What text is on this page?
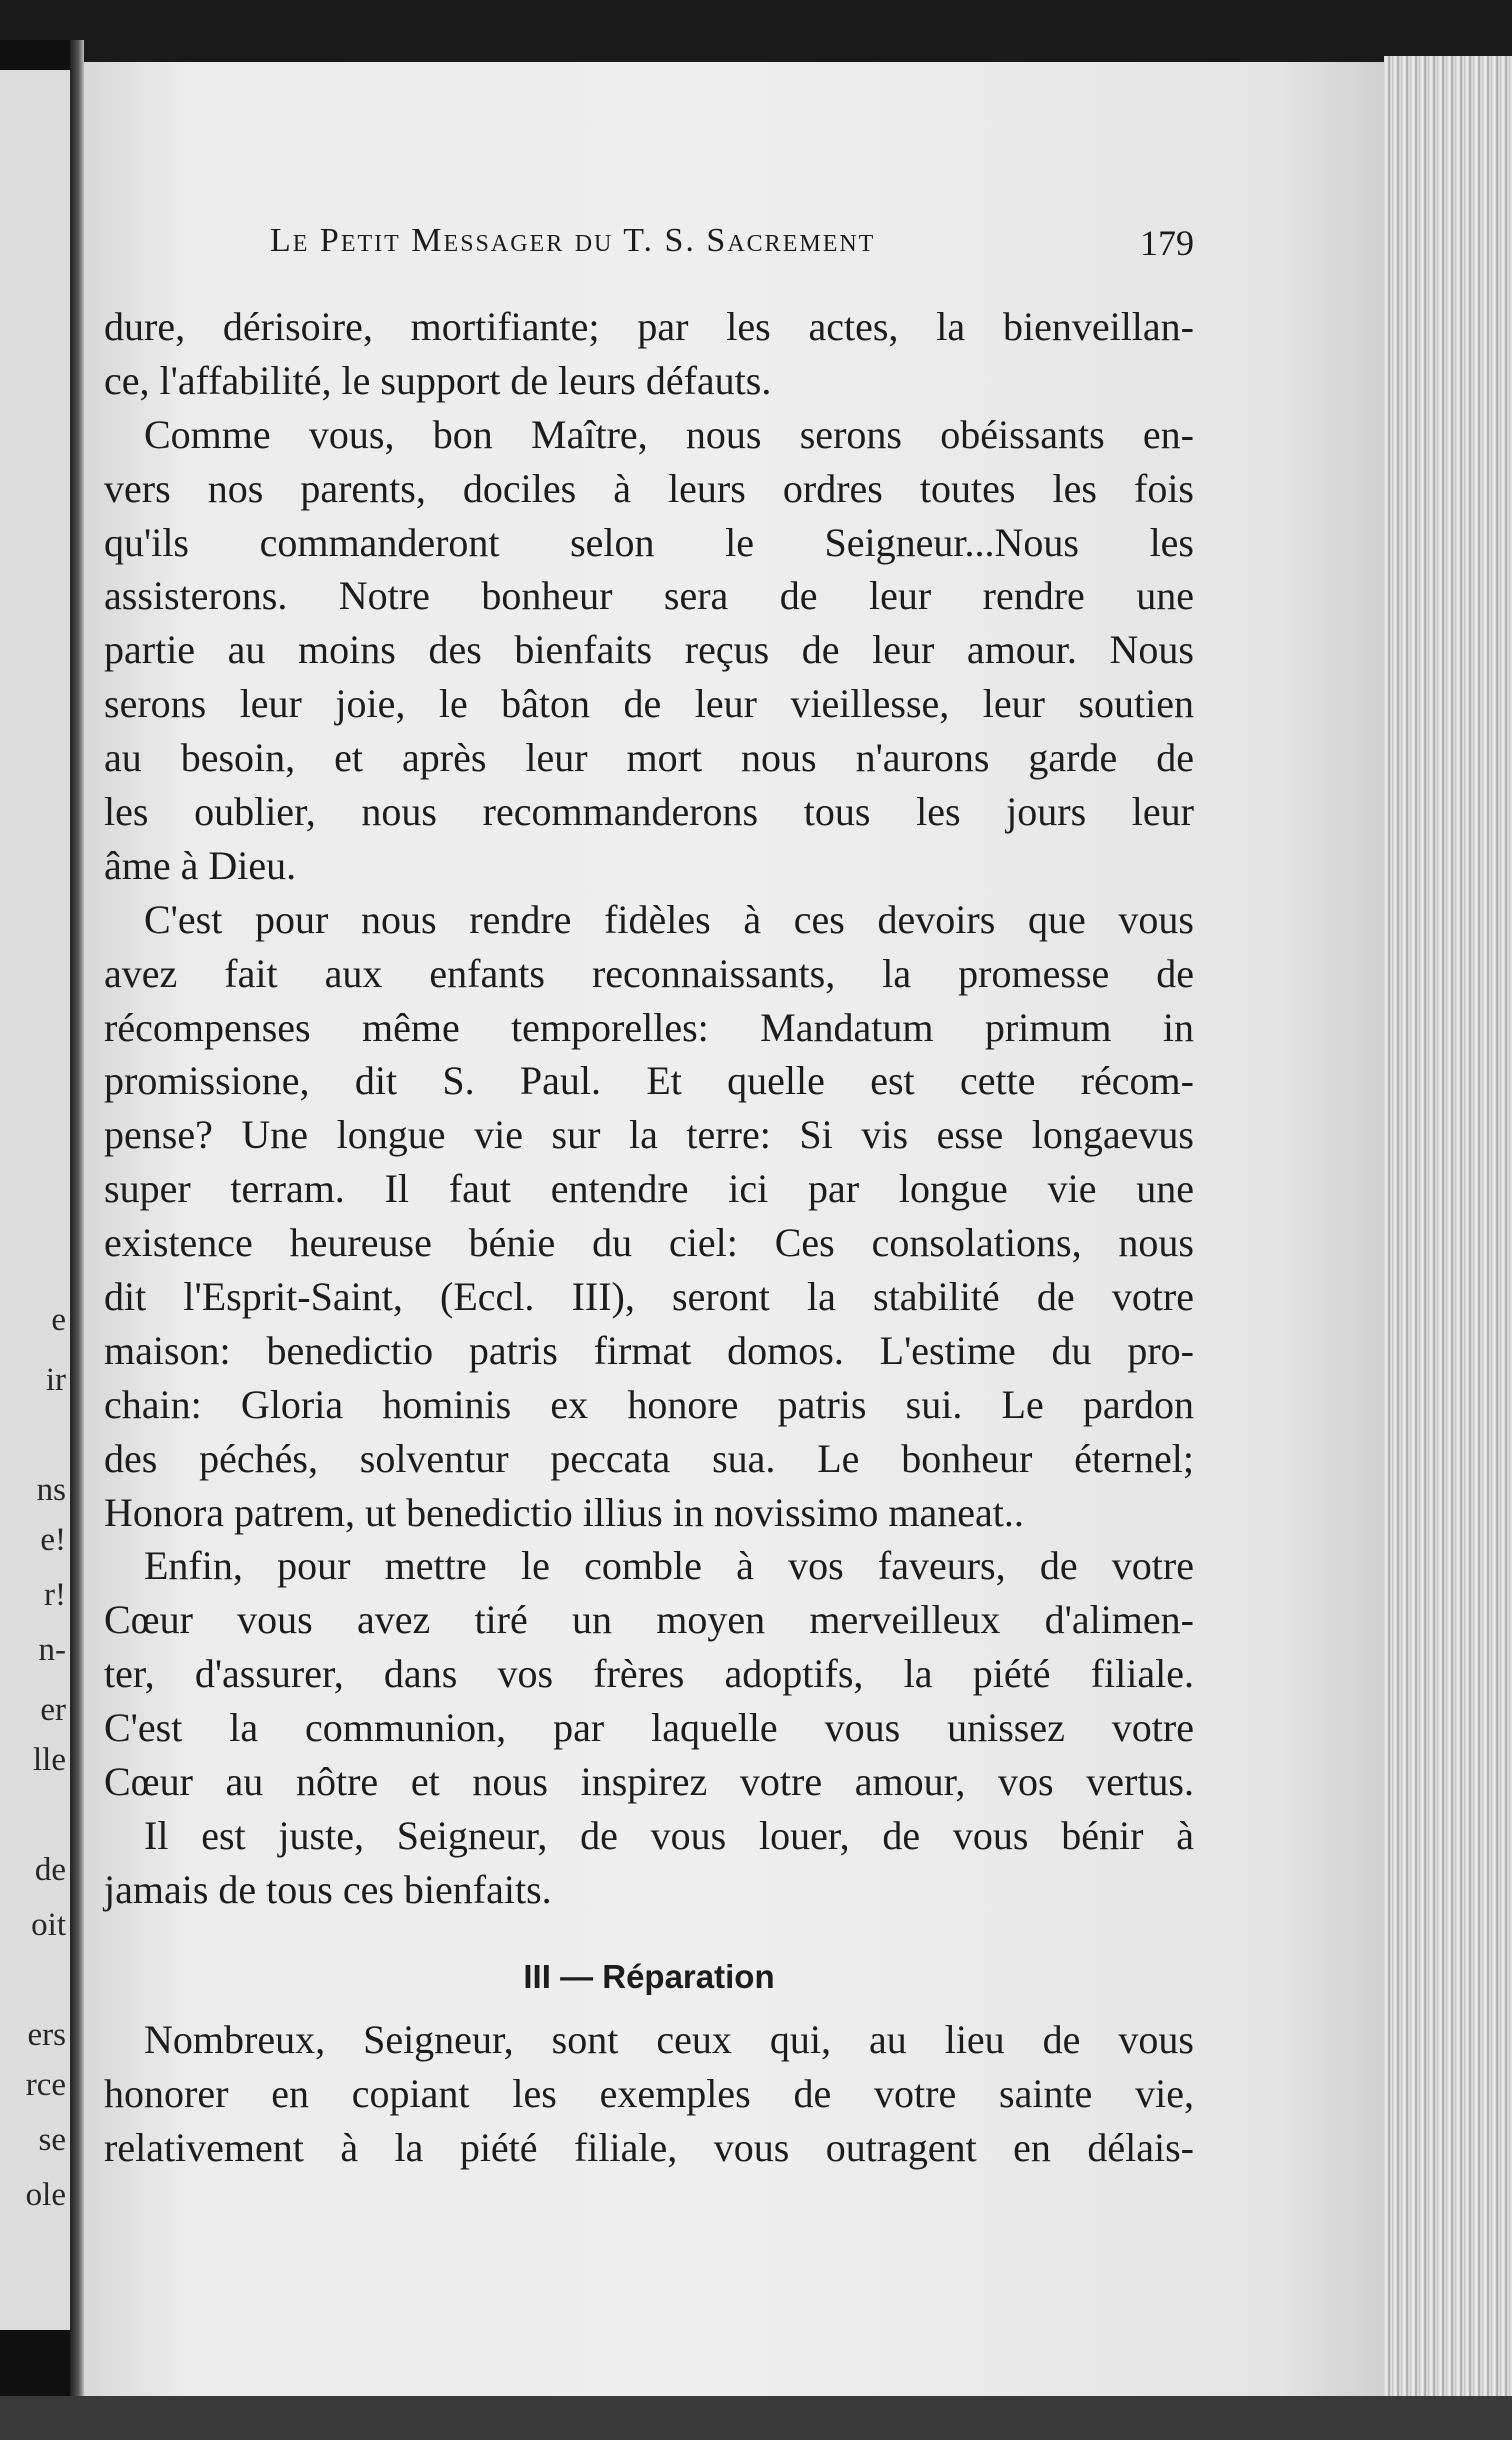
e
ir
ns
e!
r!
n-
er
lle
de
oit
ers
rce
se
ole
Le Petit Messager du T. S. Sacrement	179
dure, dérisoire, mortifiante; par les actes, la bienveillan-
ce, l'affabilité, le support de leurs défauts.
Comme vous, bon Maître, nous serons obéissants en-
vers nos parents, dociles à leurs ordres toutes les fois
qu'ils commanderont selon le Seigneur...Nous les
assisterons. Notre bonheur sera de leur rendre une
partie au moins des bienfaits reçus de leur amour. Nous
serons leur joie, le bâton de leur vieillesse, leur soutien
au besoin, et après leur mort nous n'aurons garde de
les oublier, nous recommanderons tous les jours leur
âme à Dieu.
C'est pour nous rendre fidèles à ces devoirs que vous
avez fait aux enfants reconnaissants, la promesse de
récompenses même temporelles: Mandatum primum in
promissione, dit S. Paul. Et quelle est cette récom-
pense? Une longue vie sur la terre: Si vis esse longaevus
super terram. Il faut entendre ici par longue vie une
existence heureuse bénie du ciel: Ces consolations, nous
dit l'Esprit-Saint, (Eccl. III), seront la stabilité de votre
maison: benedictio patris firmat domos. L'estime du pro-
chain: Gloria hominis ex honore patris sui. Le pardon
des péchés, solventur peccata sua. Le bonheur éternel;
Honora patrem, ut benedictio illius in novissimo maneat..
Enfin, pour mettre le comble à vos faveurs, de votre
Cœur vous avez tiré un moyen merveilleux d'alimen-
ter, d'assurer, dans vos frères adoptifs, la piété filiale.
C'est la communion, par laquelle vous unissez votre
Cœur au nôtre et nous inspirez votre amour, vos vertus.
Il est juste, Seigneur, de vous louer, de vous bénir à
jamais de tous ces bienfaits.
III — Réparation
Nombreux, Seigneur, sont ceux qui, au lieu de vous
honorer en copiant les exemples de votre sainte vie,
relativement à la piété filiale, vous outragent en délais-
